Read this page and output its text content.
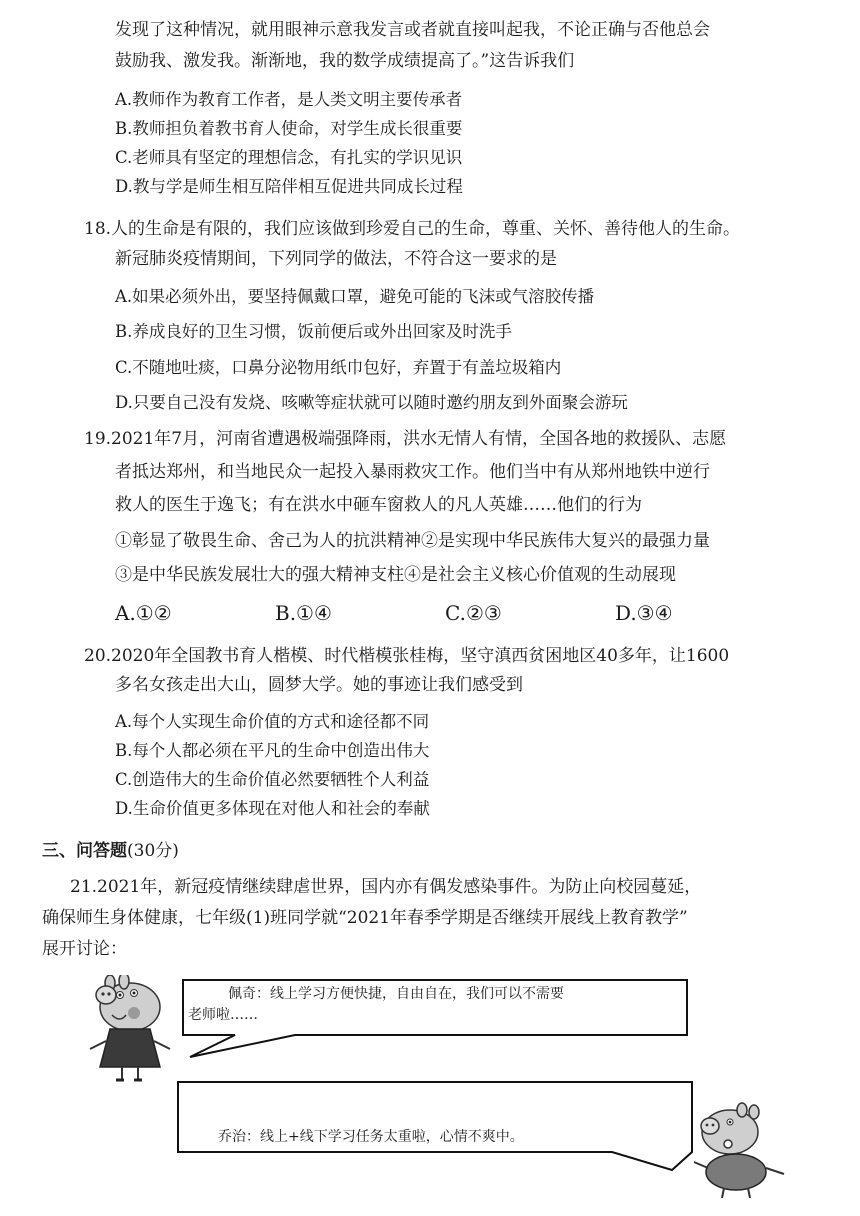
发现了这种情况，就用眼神示意我发言或者就直接叫起我，不论正确与否他总会
鼓励我、激发我。渐渐地，我的数学成绩提高了。”这告诉我们
A.教师作为教育工作者，是人类文明主要传承者
B.教师担负着教书育人使命，对学生成长很重要
C.老师具有坚定的理想信念，有扎实的学识见识
D.教与学是师生相互陪伴相互促进共同成长过程
18.人的生命是有限的，我们应该做到珍爱自己的生命，尊重、关怀、善待他人的生命。
新冠肺炎疫情期间，下列同学的做法，不符合这一要求的是
A.如果必须外出，要坚持佩戴口罩，避免可能的飞沫或气溶胶传播
B.养成良好的卫生习惯，饭前便后或外出回家及时洗手
C.不随地吐痰，口鼻分泌物用纸巾包好，弃置于有盖垃圾箱内
D.只要自己没有发烧、咳嗽等症状就可以随时邀约朋友到外面聚会游玩
19.2021年7月，河南省遭遇极端强降雨，洪水无情人有情，全国各地的救援队、志愿
者抵达郑州，和当地民众一起投入暴雨救灾工作。他们当中有从郑州地铁中逆行
救人的医生于逸飞；有在洪水中砸车窗救人的凡人英雄……他们的行为
①彰显了敬畏生命、舍己为人的抗洪精神②是实现中华民族伟大复兴的最强力量
③是中华民族发展壮大的强大精神支柱④是社会主义核心价值观的生动展现
A.①②	B.①④	C.②③	D.③④
20.2020年全国教书育人楷模、时代楷模张桂梅，坚守滇西贫困地区40多年，让1600
多名女孩走出大山，圆梦大学。她的事迹让我们感受到
A.每个人实现生命价值的方式和途径都不同
B.每个人都必须在平凡的生命中创造出伟大
C.创造伟大的生命价值必然要牺牲个人利益
D.生命价值更多体现在对他人和社会的奉献
三、问答题(30分)
21.2021年，新冠疫情继续肆虐世界，国内亦有偶发感染事件。为防止向校园蔓延，
确保师生身体健康，七年级(1)班同学就“2021年春季学期是否继续开展线上教育教学”
展开讨论：
佩奇：线上学习方便快捷，自由自在，我们可以不需要
老师啦……
乔治：线上+线下学习任务太重啦，心情不爽中。
